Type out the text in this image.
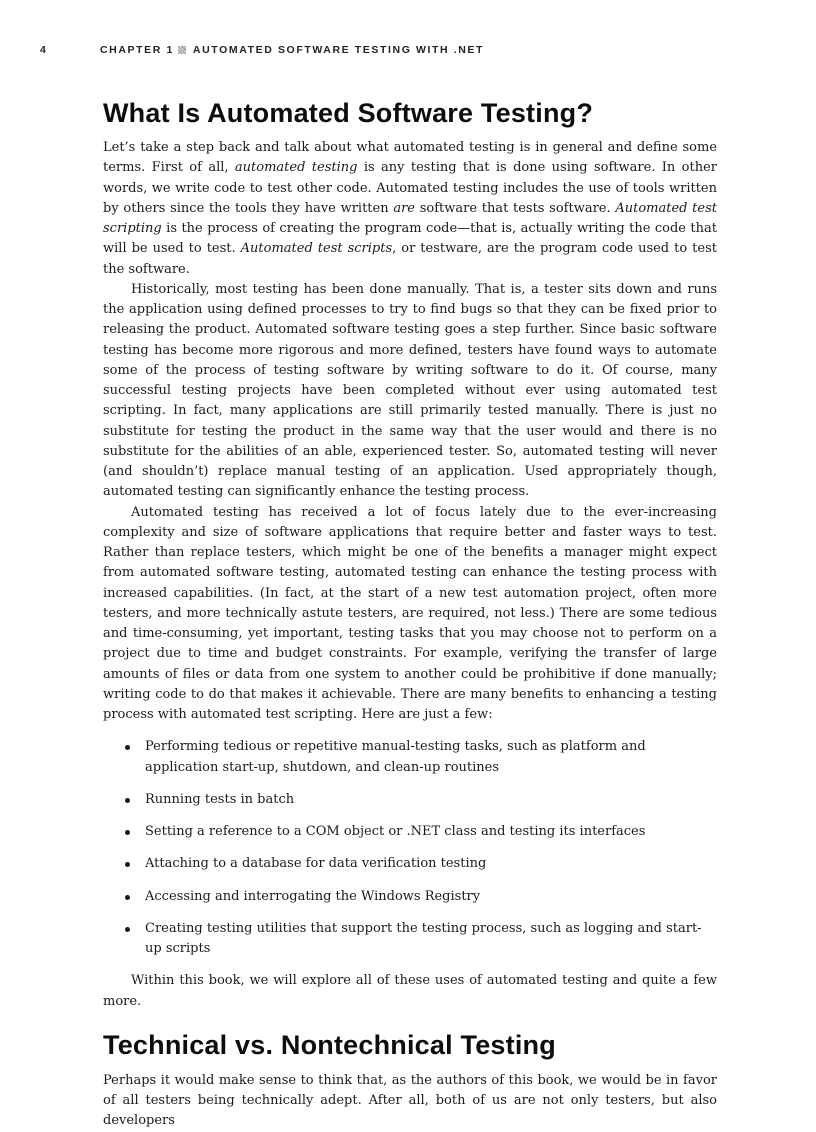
4	CHAPTER 1 AUTOMATED SOFTWARE TESTING WITH .NET
What Is Automated Software Testing?

Let’s take a step back and talk about what automated testing is in general and define some terms. First of all, automated testing is any testing that is done using software. In other words, we write code to test other code. Automated testing includes the use of tools written by others since the tools they have written are software that tests software. Automated test scripting is the process of creating the program code—that is, actually writing the code that will be used to test. Automated test scripts, or testware, are the program code used to test the software.

Historically, most testing has been done manually. That is, a tester sits down and runs the application using defined processes to try to find bugs so that they can be fixed prior to releasing the product. Automated software testing goes a step further. Since basic software testing has become more rigorous and more defined, testers have found ways to automate some of the process of testing software by writing software to do it. Of course, many successful testing projects have been completed without ever using automated test scripting. In fact, many applications are still primarily tested manually. There is just no substitute for testing the product in the same way that the user would and there is no substitute for the abilities of an able, experienced tester. So, automated testing will never (and shouldn’t) replace manual testing of an application. Used appropriately though, automated testing can significantly enhance the testing process.

Automated testing has received a lot of focus lately due to the ever-increasing complexity and size of software applications that require better and faster ways to test. Rather than replace testers, which might be one of the benefits a manager might expect from automated software testing, automated testing can enhance the testing process with increased capabilities. (In fact, at the start of a new test automation project, often more testers, and more technically astute testers, are required, not less.) There are some tedious and time-consuming, yet important, testing tasks that you may choose not to perform on a project due to time and budget constraints. For example, verifying the transfer of large amounts of files or data from one system to another could be prohibitive if done manually; writing code to do that makes it achievable. There are many benefits to enhancing a testing process with automated test scripting. Here are just a few:

Performing tedious or repetitive manual-testing tasks, such as platform and application start-up, shutdown, and clean-up routines
Running tests in batch
Setting a reference to a COM object or .NET class and testing its interfaces
Attaching to a database for data verification testing
Accessing and interrogating the Windows Registry
Creating testing utilities that support the testing process, such as logging and start-up scripts

Within this book, we will explore all of these uses of automated testing and quite a few more.

Technical vs. Nontechnical Testing

Perhaps it would make sense to think that, as the authors of this book, we would be in favor of all testers being technically adept. After all, both of us are not only testers, but also developers
